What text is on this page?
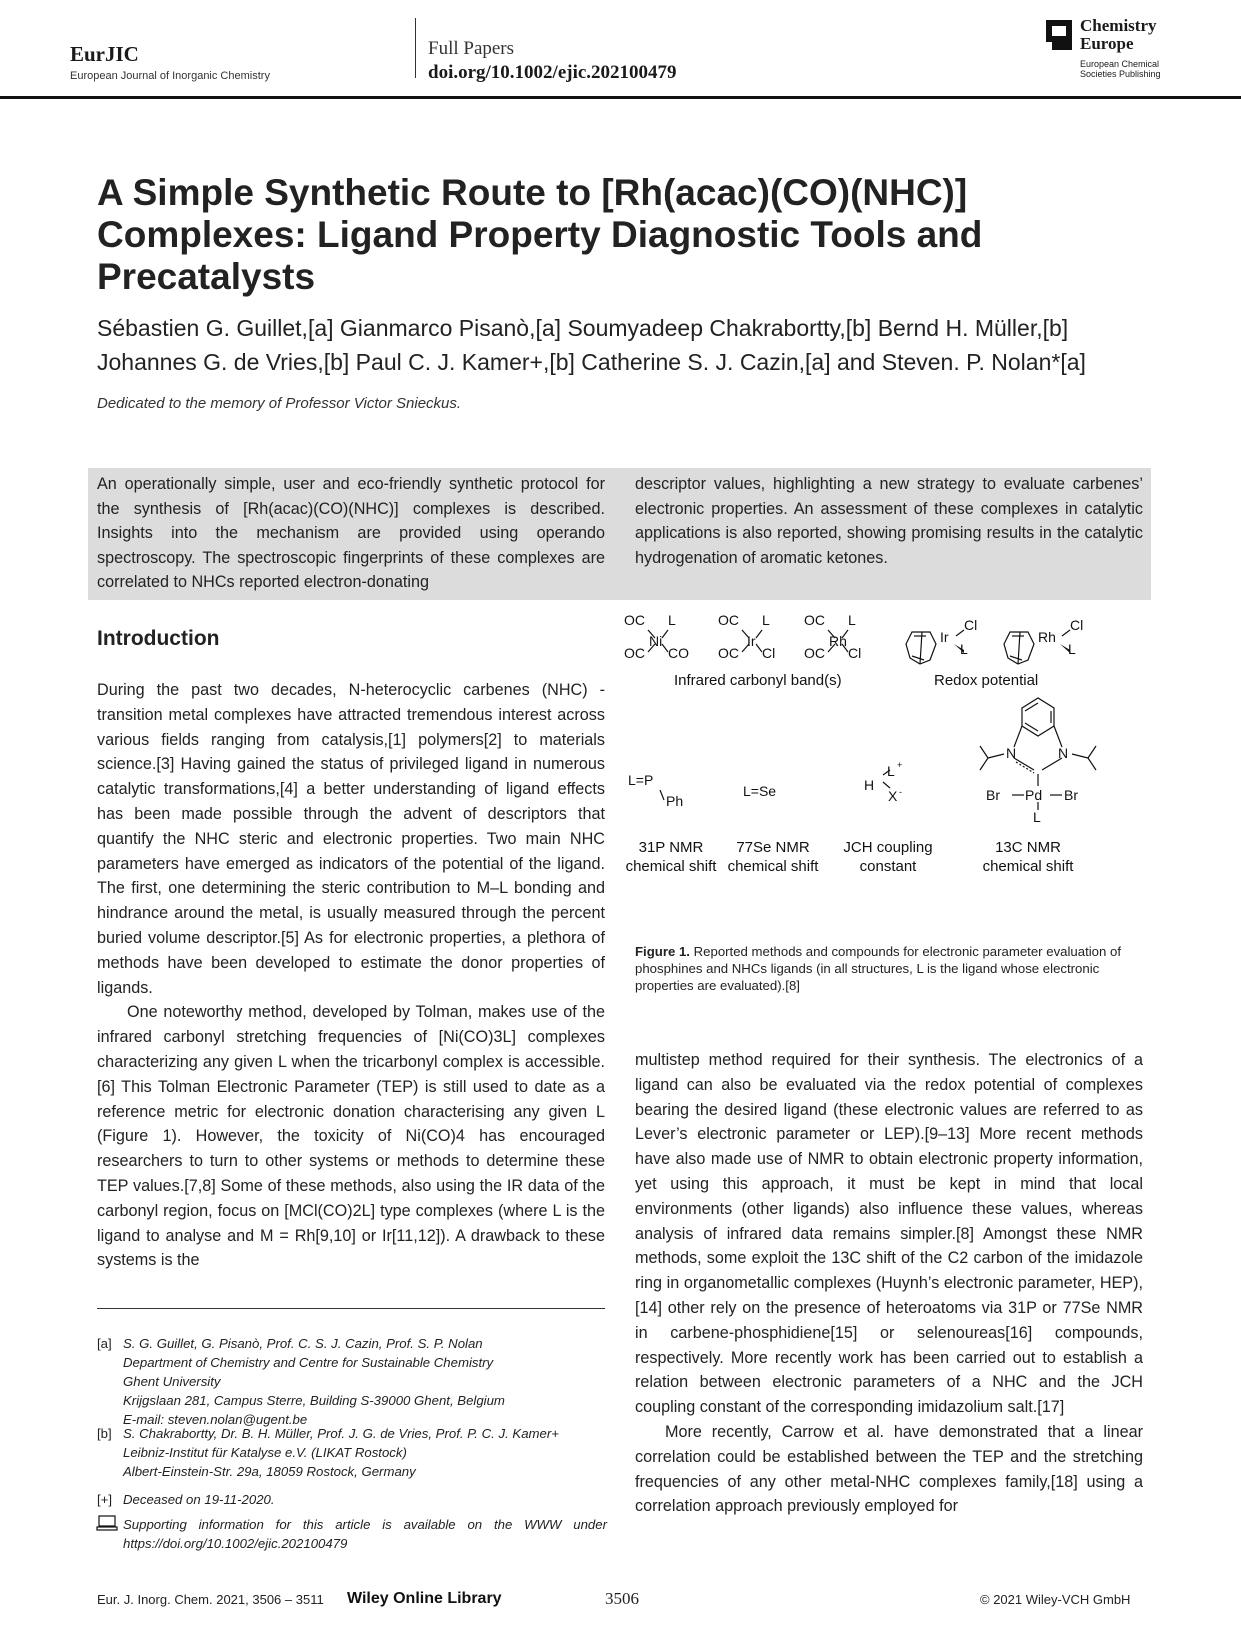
EurJIC
European Journal of Inorganic Chemistry
Full Papers
doi.org/10.1002/ejic.202100479
Chemistry
Europe
European Chemical
Societies Publishing
A Simple Synthetic Route to [Rh(acac)(CO)(NHC)] Complexes: Ligand Property Diagnostic Tools and Precatalysts
Sébastien G. Guillet,[a] Gianmarco Pisanò,[a] Soumyadeep Chakrabortty,[b] Bernd H. Müller,[b]
Johannes G. de Vries,[b] Paul C. J. Kamer+,[b] Catherine S. J. Cazin,[a] and Steven. P. Nolan*[a]
Dedicated to the memory of Professor Victor Snieckus.
An operationally simple, user and eco-friendly synthetic protocol for the synthesis of [Rh(acac)(CO)(NHC)] complexes is described. Insights into the mechanism are provided using operando spectroscopy. The spectroscopic fingerprints of these complexes are correlated to NHCs reported electron-donating
descriptor values, highlighting a new strategy to evaluate carbenes’ electronic properties. An assessment of these complexes in catalytic applications is also reported, showing promising results in the catalytic hydrogenation of aromatic ketones.
Introduction

During the past two decades, N-heterocyclic carbenes (NHC) -transition metal complexes have attracted tremendous interest across various fields ranging from catalysis,[1] polymers[2] to materials science.[3] Having gained the status of privileged ligand in numerous catalytic transformations,[4] a better understanding of ligand effects has been made possible through the advent of descriptors that quantify the NHC steric and electronic properties. Two main NHC parameters have emerged as indicators of the potential of the ligand. The first, one determining the steric contribution to M–L bonding and hindrance around the metal, is usually measured through the percent buried volume descriptor.[5] As for electronic properties, a plethora of methods have been developed to estimate the donor properties of ligands.

One noteworthy method, developed by Tolman, makes use of the infrared carbonyl stretching frequencies of [Ni(CO)3L] complexes characterizing any given L when the tricarbonyl complex is accessible.[6] This Tolman Electronic Parameter (TEP) is still used to date as a reference metric for electronic donation characterising any given L (Figure 1). However, the toxicity of Ni(CO)4 has encouraged researchers to turn to other systems or methods to determine these TEP values.[7,8] Some of these methods, also using the IR data of the carbonyl region, focus on [MCl(CO)2L] type complexes (where L is the ligand to analyse and M = Rh[9,10] or Ir[11,12]). A drawback to these systems is the

OC L
Ni
OC CO
OC L
Ir
OC Cl
OC L
Rh
OC Cl
Ir
Cl
L
Rh
Cl
L
Infrared carbonyl band(s)	Redox potential
L=P
Ph
L=Se	H
L +
X -
N	N
Br Pd Br
L
31P NMR
chemical shift
77Se NMR
chemical shift
JCH coupling
constant
13C NMR
chemical shift
Figure 1. Reported methods and compounds for electronic parameter evaluation of phosphines and NHCs ligands (in all structures, L is the ligand whose electronic properties are evaluated).[8]

multistep method required for their synthesis. The electronics of a ligand can also be evaluated via the redox potential of complexes bearing the desired ligand (these electronic values are referred to as Lever’s electronic parameter or LEP).[9–13] More recent methods have also made use of NMR to obtain electronic property information, yet using this approach, it must be kept in mind that local environments (other ligands) also influence these values, whereas analysis of infrared data remains simpler.[8] Amongst these NMR methods, some exploit the 13C shift of the C2 carbon of the imidazole ring in organometallic complexes (Huynh’s electronic parameter, HEP),[14] other rely on the presence of heteroatoms via 31P or 77Se NMR in carbene-phosphidiene[15] or selenoureas[16] compounds, respectively. More recently work has been carried out to establish a relation between electronic parameters of a NHC and the JCH coupling constant of the corresponding imidazolium salt.[17]

More recently, Carrow et al. have demonstrated that a linear correlation could be established between the TEP and the stretching frequencies of any other metal-NHC complexes family,[18] using a correlation approach previously employed for

[a] S. G. Guillet, G. Pisanò, Prof. C. S. J. Cazin, Prof. S. P. Nolan
Department of Chemistry and Centre for Sustainable Chemistry
Ghent University
Krijgslaan 281, Campus Sterre, Building S-39000 Ghent, Belgium
E-mail: steven.nolan@ugent.be
[b] S. Chakrabortty, Dr. B. H. Müller, Prof. J. G. de Vries, Prof. P. C. J. Kamer+
Leibniz-Institut für Katalyse e.V. (LIKAT Rostock)
Albert-Einstein-Str. 29a, 18059 Rostock, Germany
[+] Deceased on 19-11-2020.
Supporting information for this article is available on the WWW under https://doi.org/10.1002/ejic.202100479
Eur. J. Inorg. Chem. 2021, 3506 – 3511 Wiley Online Library	3506	© 2021 Wiley-VCH GmbH
